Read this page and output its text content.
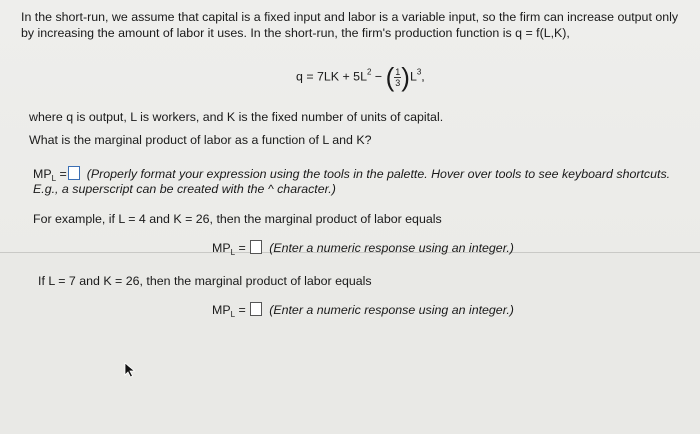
In the short-run, we assume that capital is a fixed input and labor is a variable input, so the firm can increase output only
by increasing the amount of labor it uses. In the short-run, the firm's production function is q = f(L,K),
$q = 7LK + 5L^2$ − ( $\frac{1}{3} )L^3$,
where q is output, L is workers, and K is the fixed number of units of capital.
What is the marginal product of labor as a function of L and K?
$MP_L$ = (Properly format your expression using the tools in the palette. Hover over tools to see keyboard shortcuts.
E.g., a superscript can be created with the ^ character.)
For example, if L = 4 and K = 26, then the marginal product of labor equals
$MP_L$ = (Enter a numeric response using an integer.)
If L = 7 and K = 26, then the marginal product of labor equals
$MP_L$ = (Enter a numeric response using an integer.)
